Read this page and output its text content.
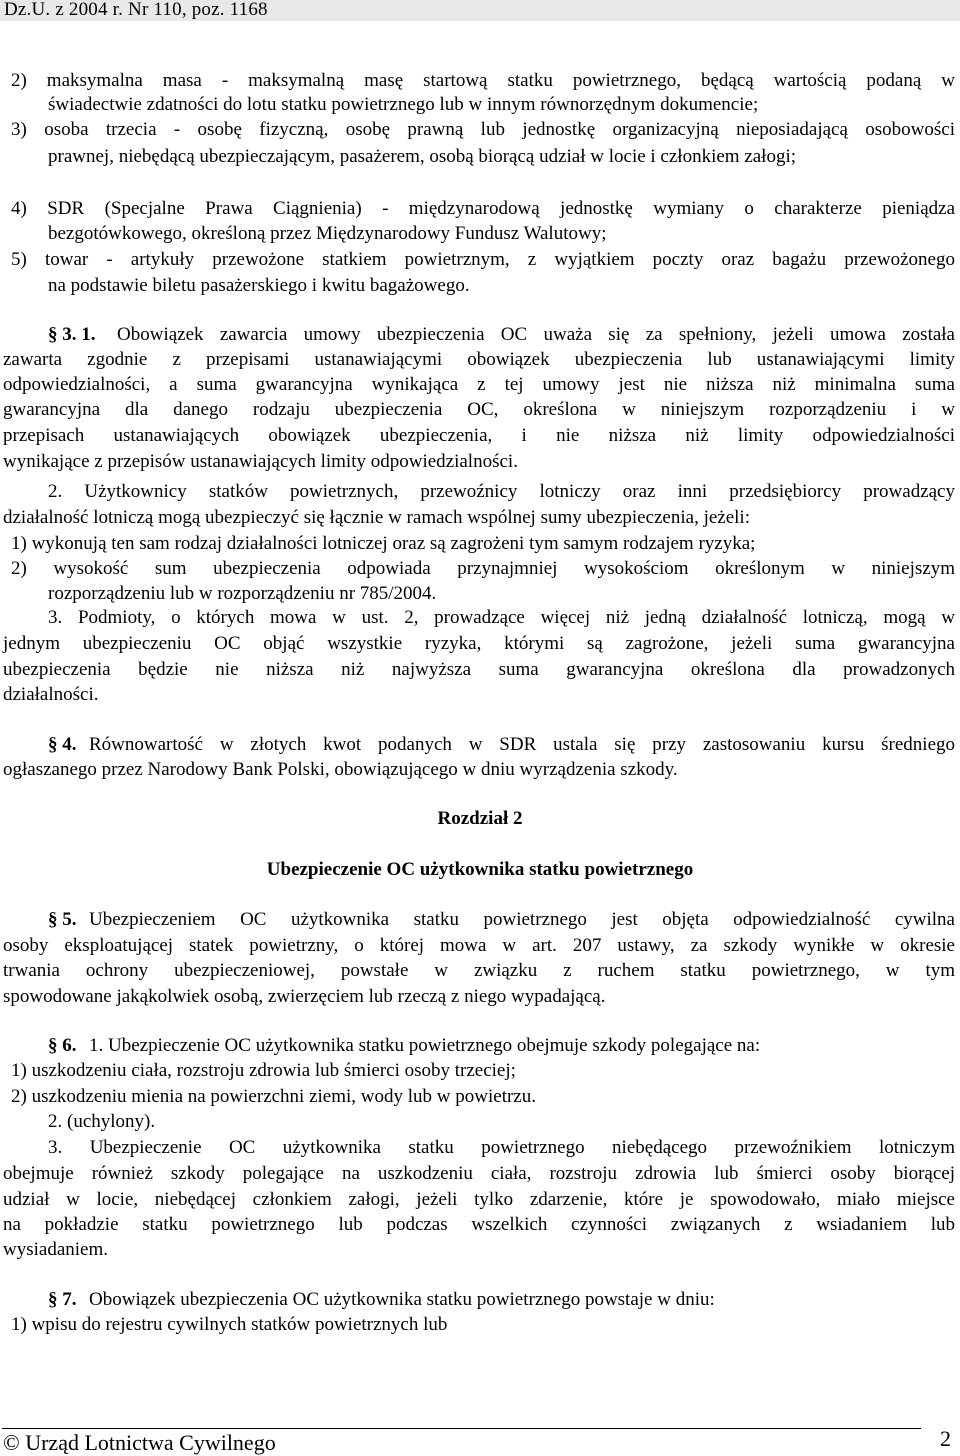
Dz.U. z 2004 r. Nr 110, poz. 1168
2) maksymalna masa - maksymalną masę startową statku powietrznego, będącą wartością podaną w
świadectwie zdatności do lotu statku powietrznego lub w innym równorzędnym dokumencie;
3) osoba trzecia - osobę fizyczną, osobę prawną lub jednostkę organizacyjną nieposiadającą osobowości
prawnej, niebędącą ubezpieczającym, pasażerem, osobą biorącą udział w locie i członkiem załogi;
4) SDR (Specjalne Prawa Ciągnienia) - międzynarodową jednostkę wymiany o charakterze pieniądza
bezgotówkowego, określoną przez Międzynarodowy Fundusz Walutowy;
5) towar - artykuły przewożone statkiem powietrznym, z wyjątkiem poczty oraz bagażu przewożonego
na podstawie biletu pasażerskiego i kwitu bagażowego.
§ 3. 1. Obowiązek zawarcia umowy ubezpieczenia OC uważa się za spełniony, jeżeli umowa została
zawarta zgodnie z przepisami ustanawiającymi obowiązek ubezpieczenia lub ustanawiającymi limity
odpowiedzialności, a suma gwarancyjna wynikająca z tej umowy jest nie niższa niż minimalna suma
gwarancyjna dla danego rodzaju ubezpieczenia OC, określona w niniejszym rozporządzeniu i w
przepisach ustanawiających obowiązek ubezpieczenia, i nie niższa niż limity odpowiedzialności
wynikające z przepisów ustanawiających limity odpowiedzialności.
2. Użytkownicy statków powietrznych, przewoźnicy lotniczy oraz inni przedsiębiorcy prowadzący
działalność lotniczą mogą ubezpieczyć się łącznie w ramach wspólnej sumy ubezpieczenia, jeżeli:
1) wykonują ten sam rodzaj działalności lotniczej oraz są zagrożeni tym samym rodzajem ryzyka;
2) wysokość sum ubezpieczenia odpowiada przynajmniej wysokościom określonym w niniejszym
rozporządzeniu lub w rozporządzeniu nr 785/2004.
3. Podmioty, o których mowa w ust. 2, prowadzące więcej niż jedną działalność lotniczą, mogą w
jednym ubezpieczeniu OC objąć wszystkie ryzyka, którymi są zagrożone, jeżeli suma gwarancyjna
ubezpieczenia będzie nie niższa niż najwyższa suma gwarancyjna określona dla prowadzonych
działalności.
§ 4. Równowartość w złotych kwot podanych w SDR ustala się przy zastosowaniu kursu średniego
ogłaszanego przez Narodowy Bank Polski, obowiązującego w dniu wyrządzenia szkody.
Rozdział 2
Ubezpieczenie OC użytkownika statku powietrznego
§ 5. Ubezpieczeniem OC użytkownika statku powietrznego jest objęta odpowiedzialność cywilna
osoby eksploatującej statek powietrzny, o której mowa w art. 207 ustawy, za szkody wynikłe w okresie
trwania ochrony ubezpieczeniowej, powstałe w związku z ruchem statku powietrznego, w tym
spowodowane jakąkolwiek osobą, zwierzęciem lub rzeczą z niego wypadającą.
§ 6. 1. Ubezpieczenie OC użytkownika statku powietrznego obejmuje szkody polegające na:
1) uszkodzeniu ciała, rozstroju zdrowia lub śmierci osoby trzeciej;
2) uszkodzeniu mienia na powierzchni ziemi, wody lub w powietrzu.
2. (uchylony).
3. Ubezpieczenie OC użytkownika statku powietrznego niebędącego przewoźnikiem lotniczym
obejmuje również szkody polegające na uszkodzeniu ciała, rozstroju zdrowia lub śmierci osoby biorącej
udział w locie, niebędącej członkiem załogi, jeżeli tylko zdarzenie, które je spowodowało, miało miejsce
na pokładzie statku powietrznego lub podczas wszelkich czynności związanych z wsiadaniem lub
wysiadaniem.
§ 7. Obowiązek ubezpieczenia OC użytkownika statku powietrznego powstaje w dniu:
1) wpisu do rejestru cywilnych statków powietrznych lub
© Urząd Lotnictwa Cywilnego	2
